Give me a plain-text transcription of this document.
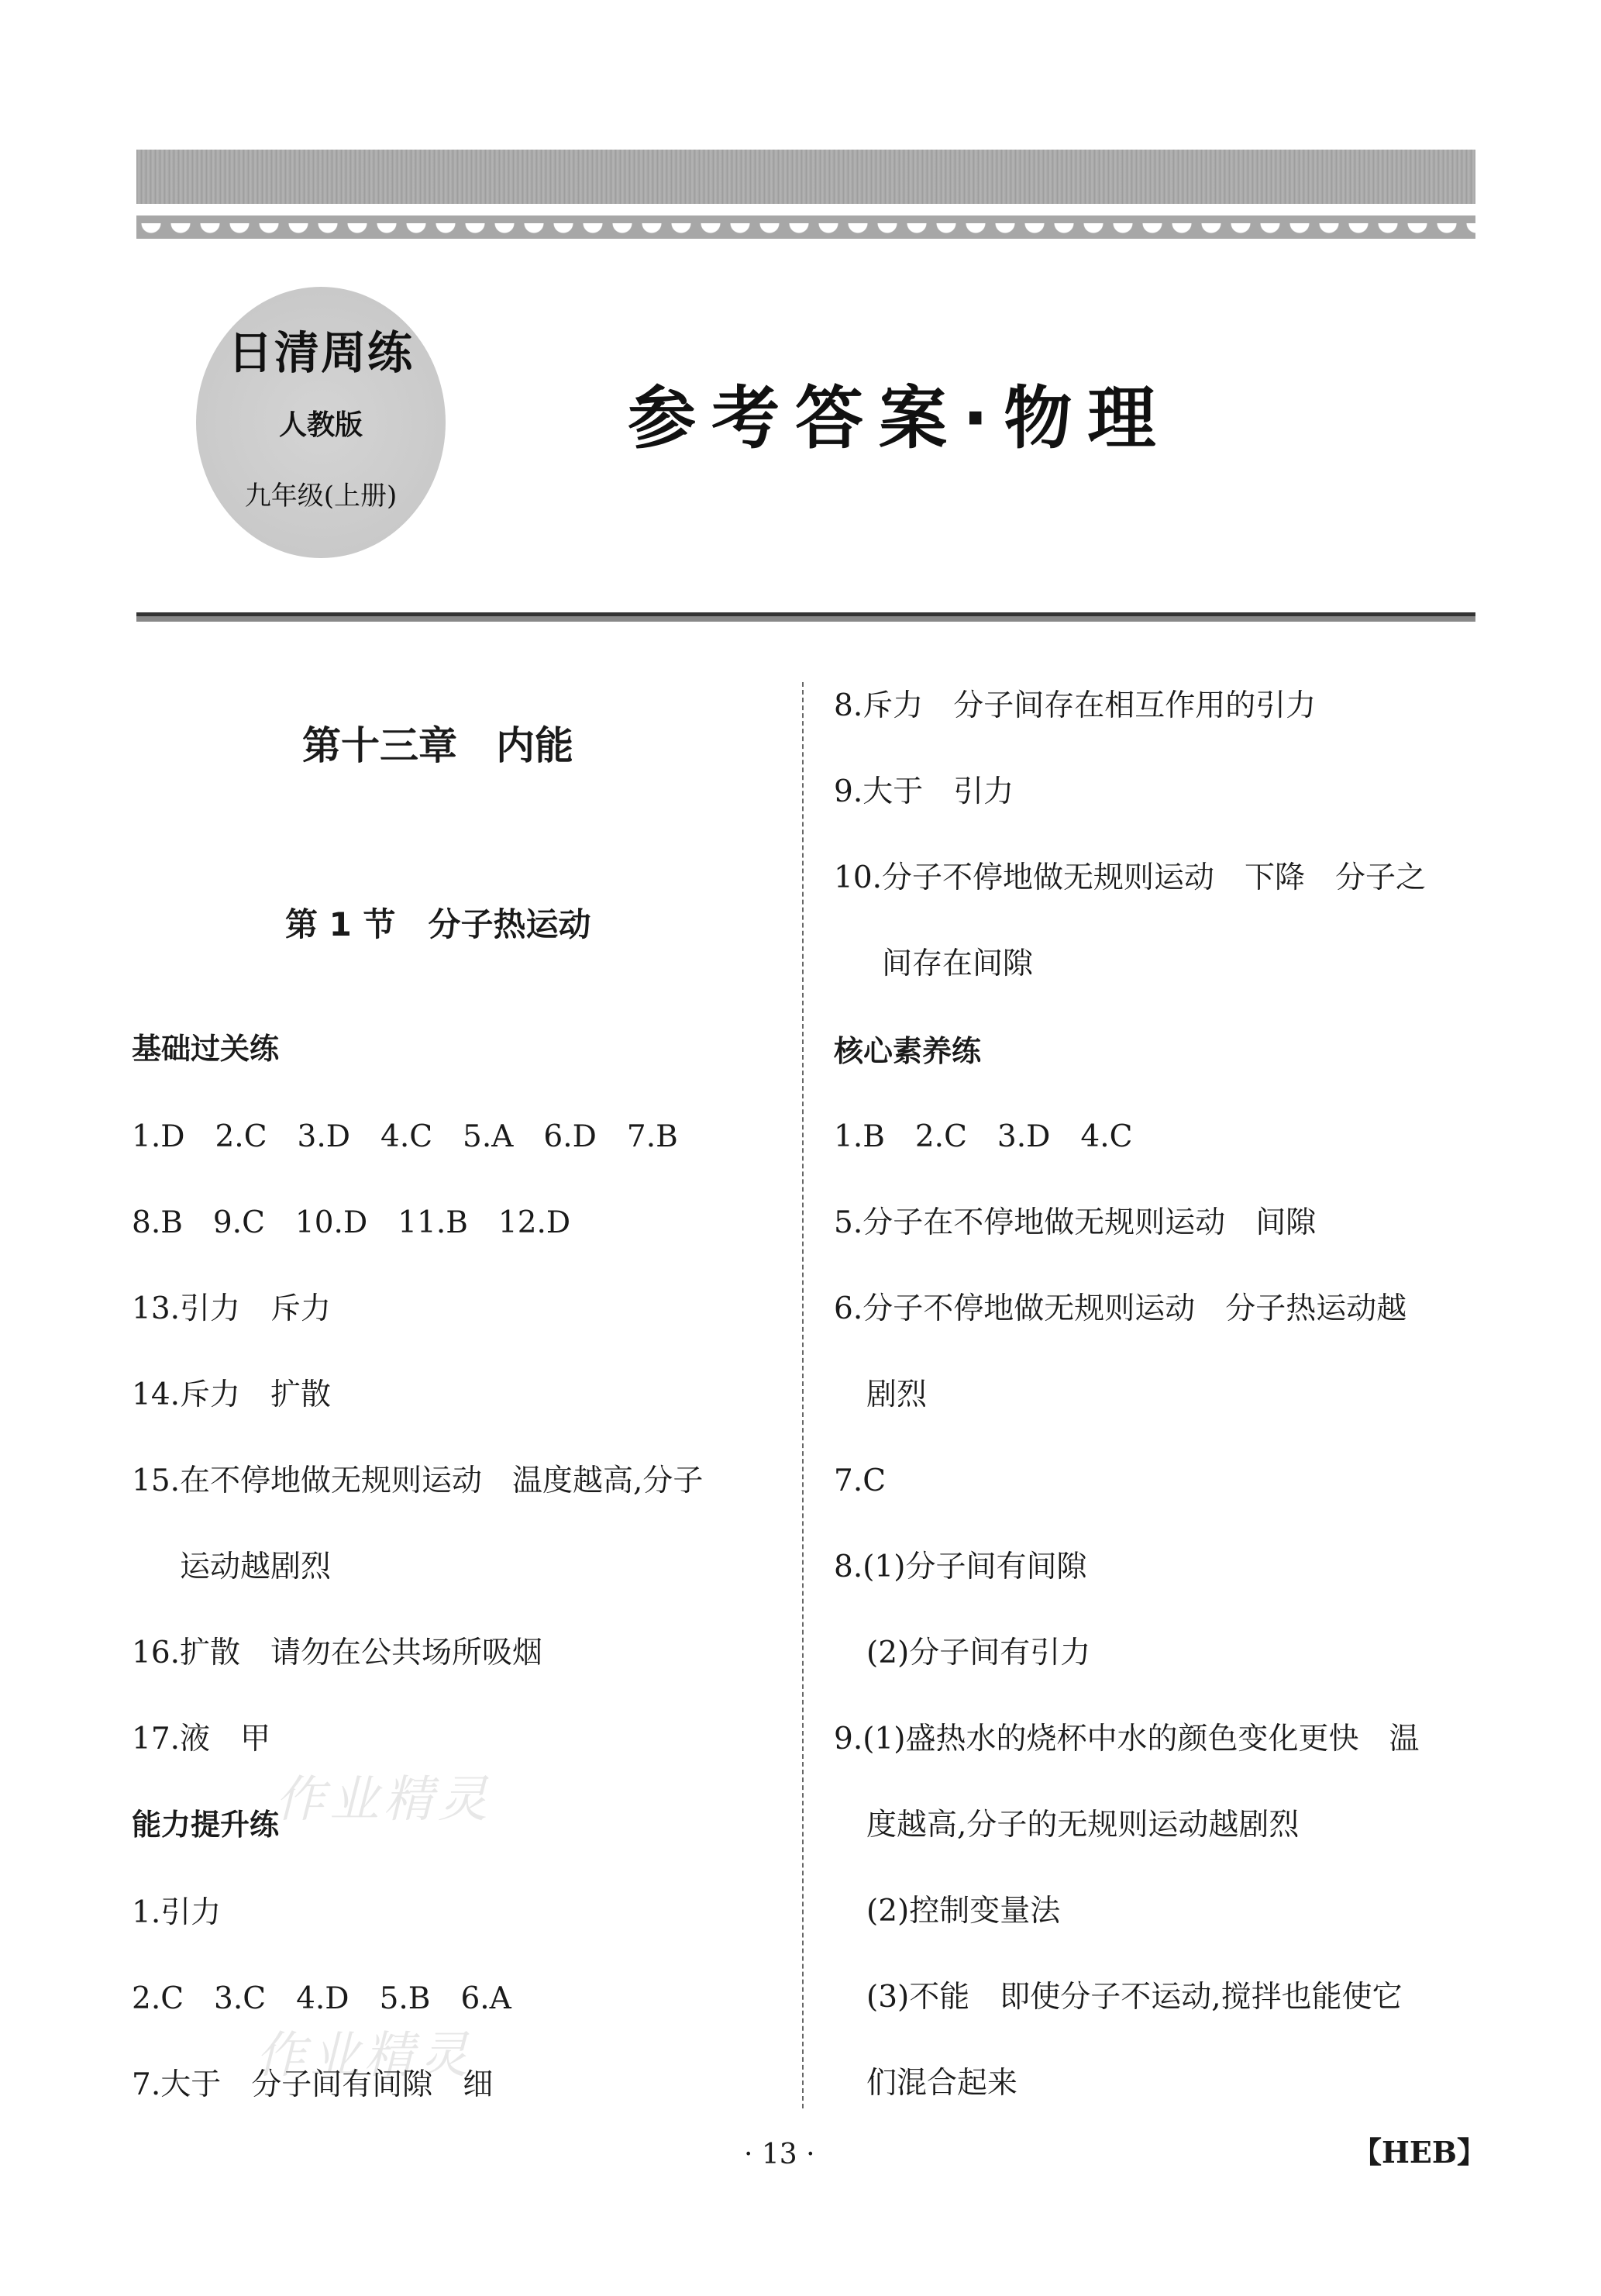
日清周练
人教版
九年级(上册)
参考答案·物理
第十三章　内能
第 1 节　分子热运动
基础过关练
1.D　2.C　3.D　4.C　5.A　6.D　7.B
8.B　9.C　10.D　11.B　12.D
13.引力　斥力
14.斥力　扩散
15.在不停地做无规则运动　温度越高,分子
运动越剧烈
16.扩散　请勿在公共场所吸烟
17.液　甲
能力提升练
1.引力
2.C　3.C　4.D　5.B　6.A
7.大于　分子间有间隙　细
8.斥力　分子间存在相互作用的引力
9.大于　引力
10.分子不停地做无规则运动　下降　分子之
间存在间隙
核心素养练
1.B　2.C　3.D　4.C
5.分子在不停地做无规则运动　间隙
6.分子不停地做无规则运动　分子热运动越
剧烈
7.C
8.(1)分子间有间隙
(2)分子间有引力
9.(1)盛热水的烧杯中水的颜色变化更快　温
度越高,分子的无规则运动越剧烈
(2)控制变量法
(3)不能　即使分子不运动,搅拌也能使它
们混合起来
作业精灵
作业精灵
· 13 ·	【HEB】
